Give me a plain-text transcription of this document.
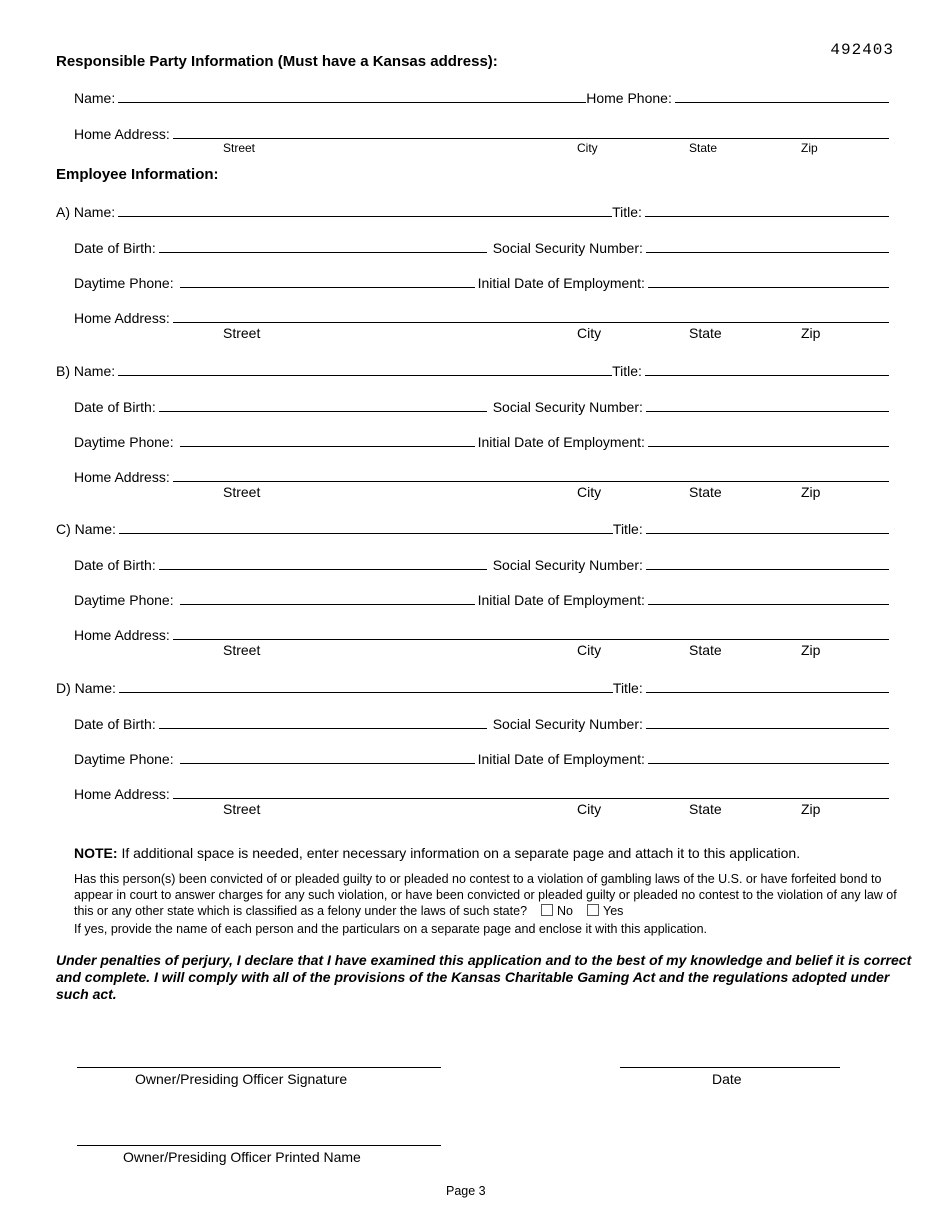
492403
Responsible Party Information (Must have a Kansas address):
Name:	Home Phone:
Home Address:
Street	City	State	Zip
Employee Information:
A) Name:	Title:
Date of Birth:	Social Security Number:
Daytime Phone:	Initial Date of Employment:
Home Address:
Street	City	State	Zip
B) Name:	Title:
Date of Birth:	Social Security Number:
Daytime Phone:	Initial Date of Employment:
Home Address:
Street	City	State	Zip
C) Name:	Title:
Date of Birth:	Social Security Number:
Daytime Phone:	Initial Date of Employment:
Home Address:
Street	City	State	Zip
D) Name:	Title:
Date of Birth:	Social Security Number:
Daytime Phone:	Initial Date of Employment:
Home Address:
Street	City	State	Zip
NOTE: If additional space is needed, enter necessary information on a separate page and attach it to this application.
Has this person(s) been convicted of or pleaded guilty to or pleaded no contest to a violation of gambling laws of the U.S. or have forfeited bond to
appear in court to answer charges for any such violation, or have been convicted or pleaded guilty or pleaded no contest to the violation of any law of
this or any other state which is classified as a felony under the laws of such state? No Yes
If yes, provide the name of each person and the particulars on a separate page and enclose it with this application.
Under penalties of perjury, I declare that I have examined this application and to the best of my knowledge and belief it is correct
and complete. I will comply with all of the provisions of the Kansas Charitable Gaming Act and the regulations adopted under
such act.
Owner/Presiding Officer Signature	Date
Owner/Presiding Officer Printed Name
Page 3
